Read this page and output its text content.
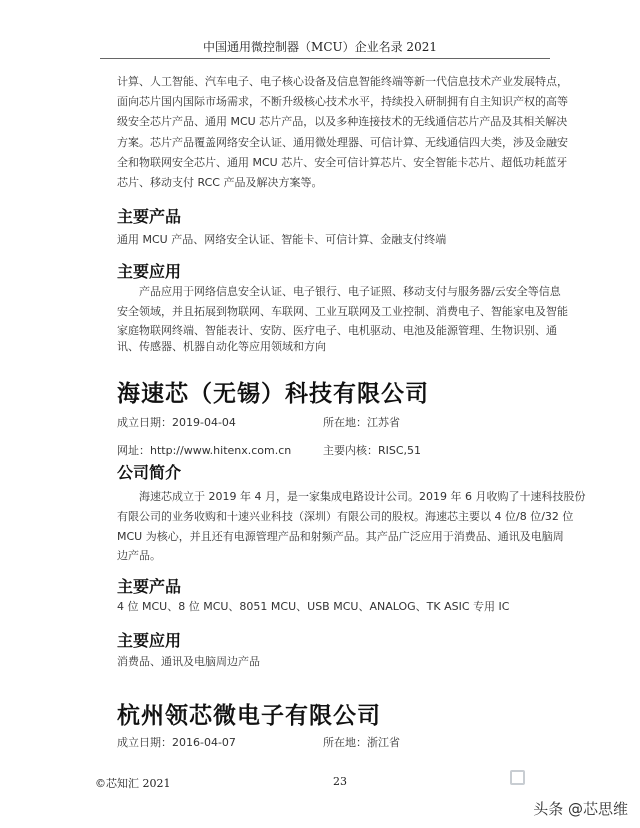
中国通用微控制器（MCU）企业名录 2021
计算、人工智能、汽车电子、电子核心设备及信息智能终端等新一代信息技术产业发展特点，
面向芯片国内国际市场需求，不断升级核心技术水平，持续投入研制拥有自主知识产权的高等
级安全芯片产品、通用 MCU 芯片产品，以及多种连接技术的无线通信芯片产品及其相关解决
方案。芯片产品覆盖网络安全认证、通用微处理器、可信计算、无线通信四大类，涉及金融安
全和物联网安全芯片、通用 MCU 芯片、安全可信计算芯片、安全智能卡芯片、超低功耗蓝牙
芯片、移动支付 RCC 产品及解决方案等。
主要产品
通用 MCU 产品、网络安全认证、智能卡、可信计算、金融支付终端
主要应用
　　产品应用于网络信息安全认证、电子银行、电子证照、移动支付与服务器/云安全等信息
安全领域，并且拓展到物联网、车联网、工业互联网及工业控制、消费电子、智能家电及智能
家庭物联网终端、智能表计、安防、医疗电子、电机驱动、电池及能源管理、生物识别、通
讯、传感器、机器自动化等应用领域和方向
海速芯（无锡）科技有限公司
成立日期：2019-04-04	所在地：江苏省
网址：http://www.hitenx.com.cn	主要内核：RISC,51
公司简介
　　海速芯成立于 2019 年 4 月，是一家集成电路设计公司。2019 年 6 月收购了十速科技股份
有限公司的业务收购和十速兴业科技（深圳）有限公司的股权。海速芯主要以 4 位/8 位/32 位
MCU 为核心，并且还有电源管理产品和射频产品。其产品广泛应用于消费品、通讯及电脑周
边产品。
主要产品
4 位 MCU、8 位 MCU、8051 MCU、USB MCU、ANALOG、TK ASIC 专用 IC
主要应用
消费品、通讯及电脑周边产品
杭州领芯微电子有限公司
成立日期：2016-04-07	所在地：浙江省
©芯知汇 2021	23
头条 @芯思维
